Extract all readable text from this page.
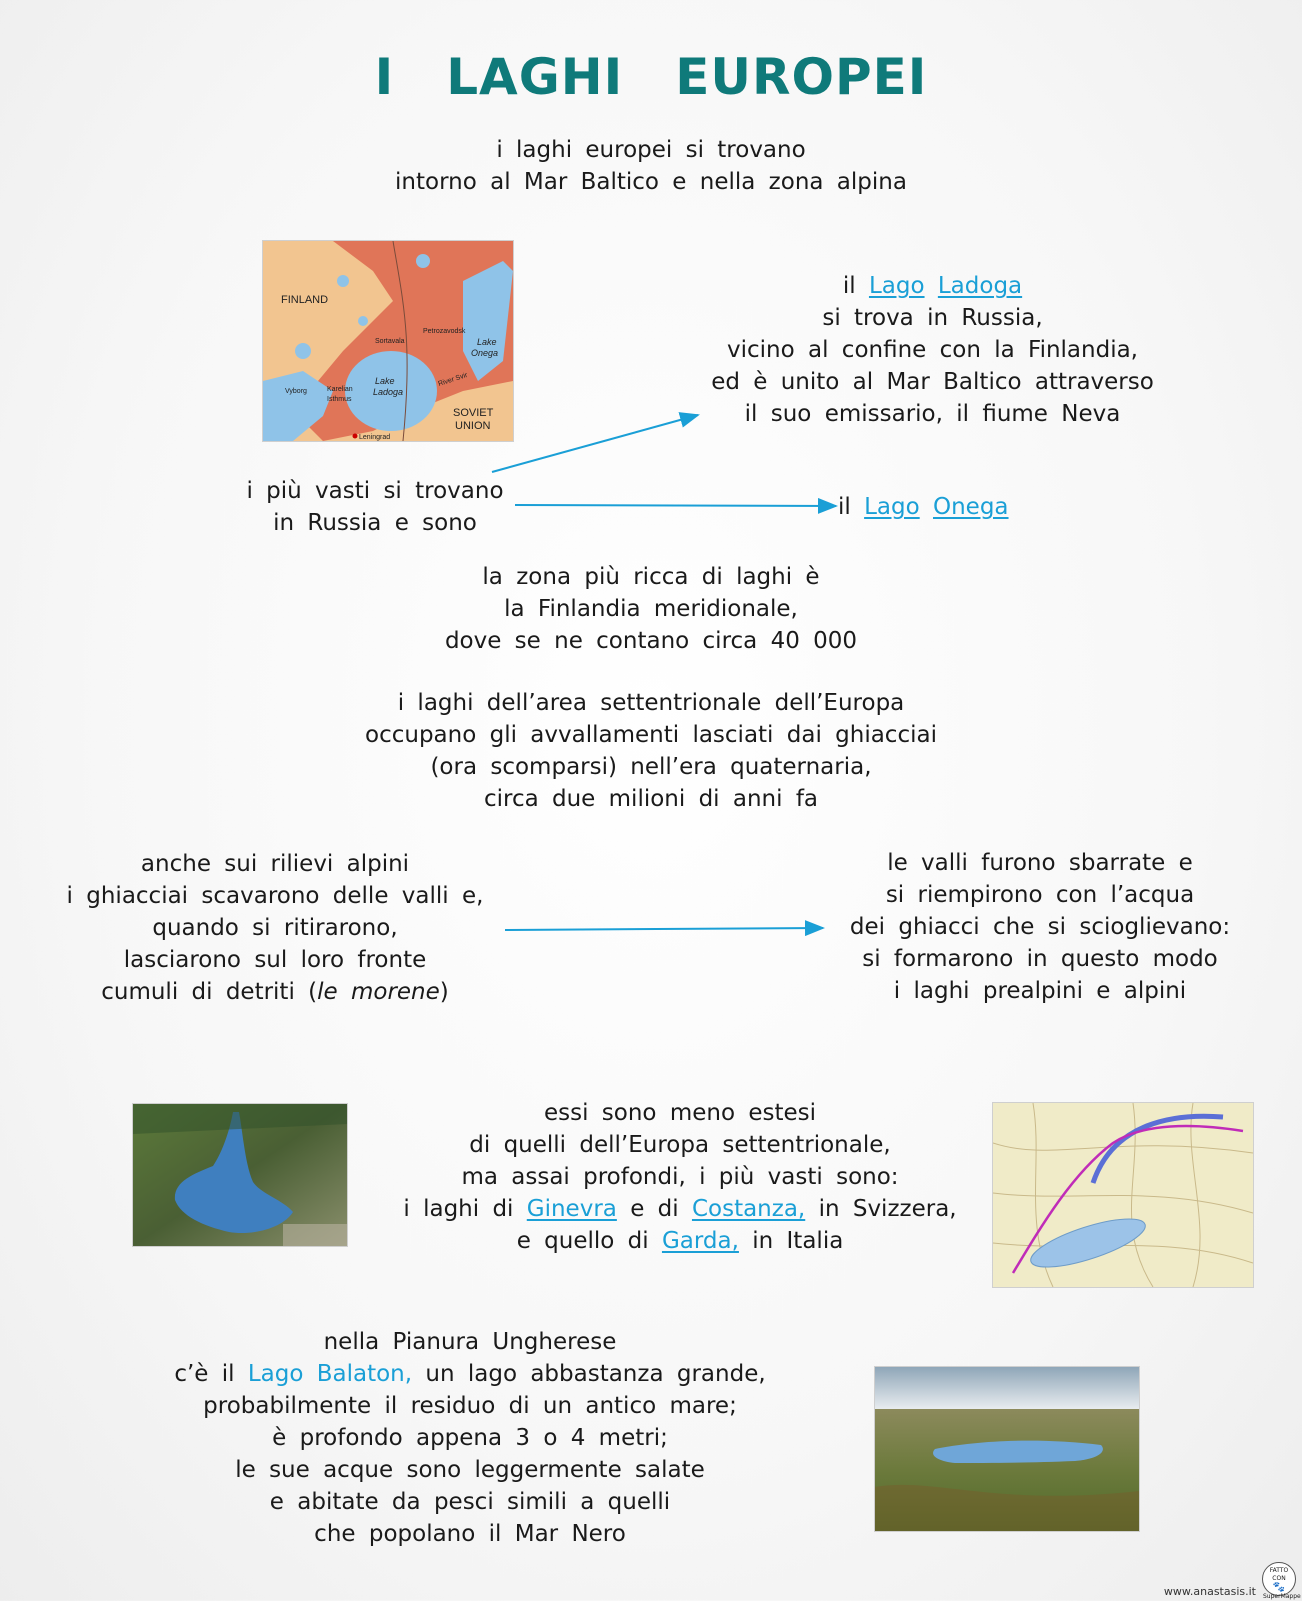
I LAGHI EUROPEI
i laghi europei si trovano
intorno al Mar Baltico e nella zona alpina
FINLAND
SOVIET
UNION
Lake
Ladoga
Lake
Onega
Sortavala
Petrozavodsk
Vyborg	Karelian
Isthmus
River Svir
Leningrad
il Lago Ladoga
si trova in Russia,
vicino al confine con la Finlandia,
ed è unito al Mar Baltico attraverso
il suo emissario, il fiume Neva
i più vasti si trovano
in Russia e sono
il Lago Onega
la zona più ricca di laghi è
la Finlandia meridionale,
dove se ne contano circa 40 000
i laghi dell’area settentrionale dell’Europa
occupano gli avvallamenti lasciati dai ghiacciai
(ora scomparsi) nell’era quaternaria,
circa due milioni di anni fa
anche sui rilievi alpini
i ghiacciai scavarono delle valli e,
quando si ritirarono,
lasciarono sul loro fronte
cumuli di detriti (le morene)
le valli furono sbarrate e
si riempirono con l’acqua
dei ghiacci che si scioglievano:
si formarono in questo modo
i laghi prealpini e alpini
essi sono meno estesi
di quelli dell’Europa settentrionale,
ma assai profondi, i più vasti sono:
i laghi di Ginevra e di Costanza, in Svizzera,
e quello di Garda, in Italia
nella Pianura Ungherese
c’è il Lago Balaton, un lago abbastanza grande,
probabilmente il residuo di un antico mare;
è profondo appena 3 o 4 metri;
le sue acque sono leggermente salate
e abitate da pesci simili a quelli
che popolano il Mar Nero
www.anastasis.it
FATTO CON
🐾
SuperMappe
